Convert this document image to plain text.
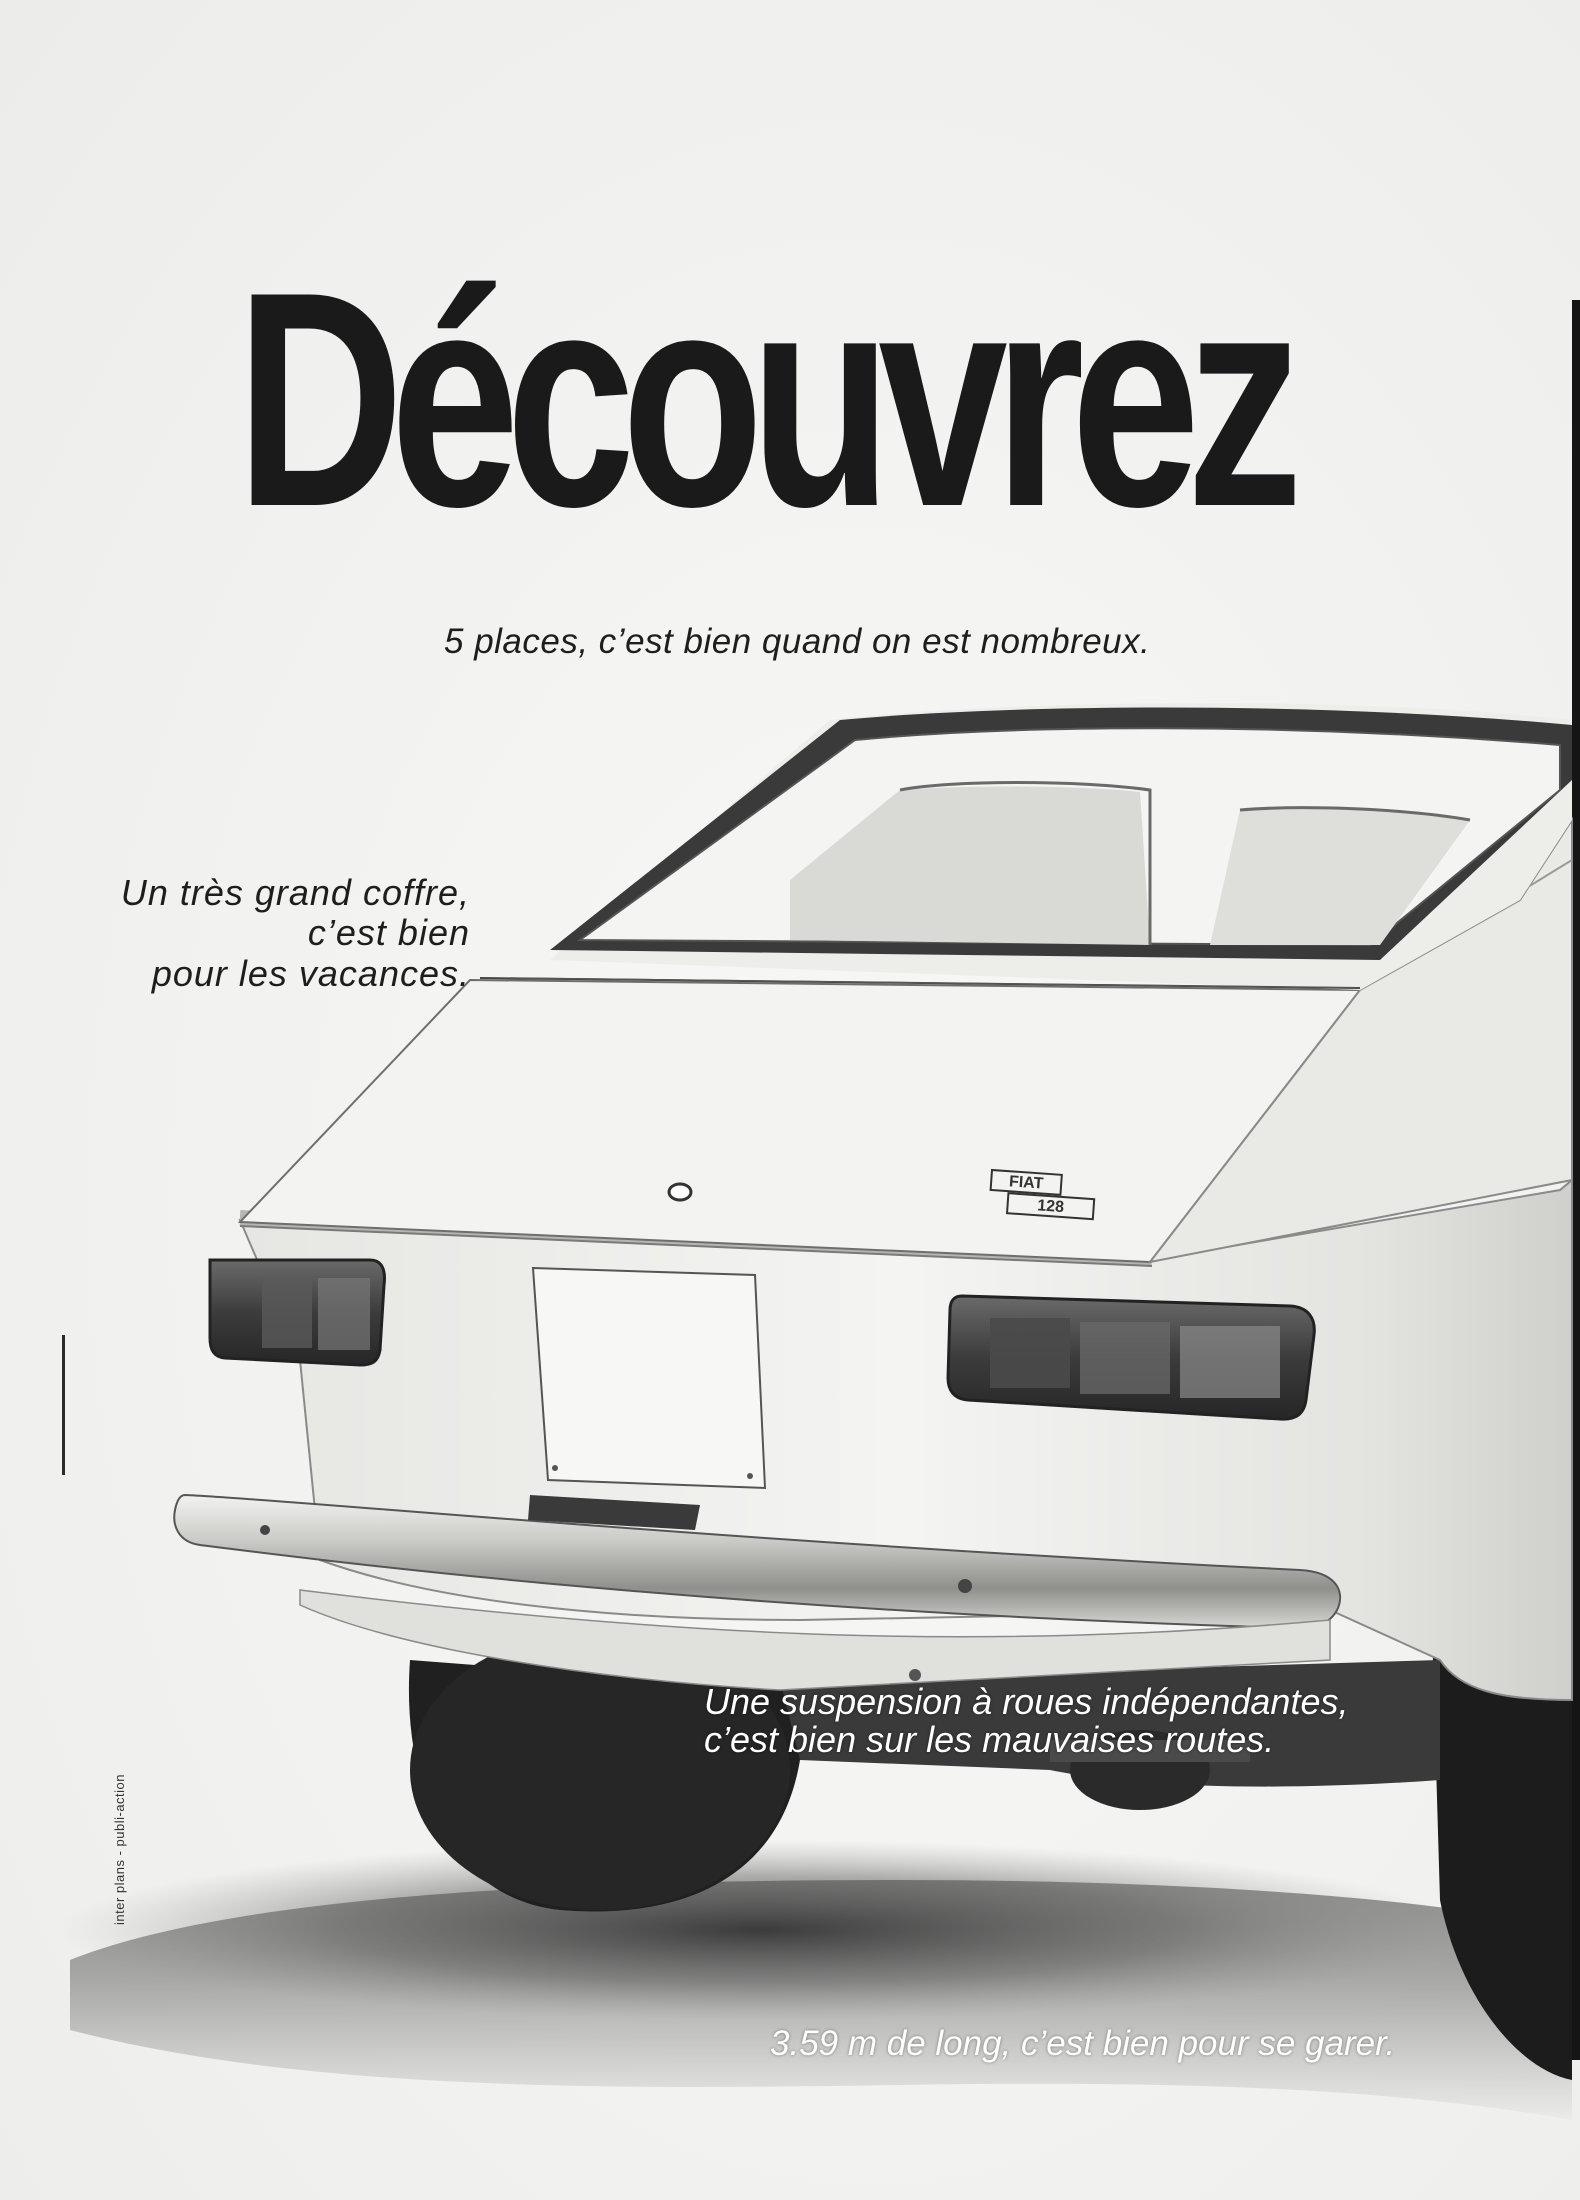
FIAT
128
Découvrez

5 places, c’est bien quand on est nombreux.

Un très grand coffre,
c’est bien
pour les vacances.

Une suspension à roues indépendantes,
c’est bien sur les mauvaises routes.

3.59 m de long, c’est bien pour se garer.

inter plans - publi-action
